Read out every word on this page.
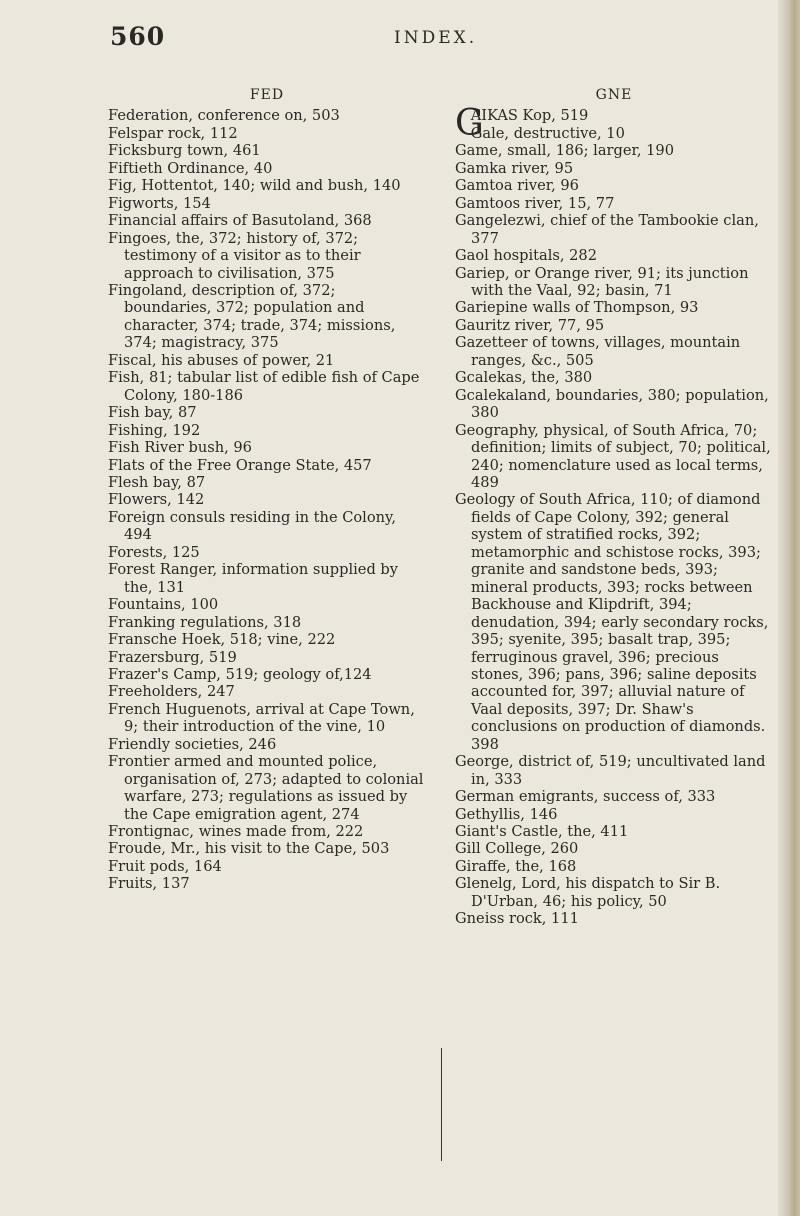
560	INDEX.
FED
Federation, conference on, 503
Felspar rock, 112
Ficksburg town, 461
Fiftieth Ordinance, 40
Fig, Hottentot, 140; wild and bush, 140
Figworts, 154
Financial affairs of Basutoland, 368
Fingoes, the, 372; history of, 372; testimony of a visitor as to their approach to civilisation, 375
Fingoland, description of, 372; boundaries, 372; population and character, 374; trade, 374; missions, 374; magistracy, 375
Fiscal, his abuses of power, 21
Fish, 81; tabular list of edible fish of Cape Colony, 180-186
Fish bay, 87
Fishing, 192
Fish River bush, 96
Flats of the Free Orange State, 457
Flesh bay, 87
Flowers, 142
Foreign consuls residing in the Colony, 494
Forests, 125
Forest Ranger, information supplied by the, 131
Fountains, 100
Franking regulations, 318
Fransche Hoek, 518; vine, 222
Frazersburg, 519
Frazer's Camp, 519; geology of,124
Freeholders, 247
French Huguenots, arrival at Cape Town, 9; their introduction of the vine, 10
Friendly societies, 246
Frontier armed and mounted police, organisation of, 273; adapted to colonial warfare, 273; regulations as issued by the Cape emigration agent, 274
Frontignac, wines made from, 222
Froude, Mr., his visit to the Cape, 503
Fruit pods, 164
Fruits, 137
GNE
G
AIKAS Kop, 519
Gale, destructive, 10
Game, small, 186; larger, 190
Gamka river, 95
Gamtoa river, 96
Gamtoos river, 15, 77
Gangelezwi, chief of the Tambookie clan, 377
Gaol hospitals, 282
Gariep, or Orange river, 91; its junction with the Vaal, 92; basin, 71
Gariepine walls of Thompson, 93
Gauritz river, 77, 95
Gazetteer of towns, villages, mountain ranges, &c., 505
Gcalekas, the, 380
Gcalekaland, boundaries, 380; population, 380
Geography, physical, of South Africa, 70; definition; limits of subject, 70; political, 240; nomenclature used as local terms, 489
Geology of South Africa, 110; of diamond fields of Cape Colony, 392; general system of stratified rocks, 392; metamorphic and schistose rocks, 393; granite and sandstone beds, 393; mineral products, 393; rocks between Backhouse and Klipdrift, 394; denudation, 394; early secondary rocks, 395; syenite, 395; basalt trap, 395; ferruginous gravel, 396; precious stones, 396; pans, 396; saline deposits accounted for, 397; alluvial nature of Vaal deposits, 397; Dr. Shaw's conclusions on production of diamonds. 398
George, district of, 519; uncultivated land in, 333
German emigrants, success of, 333
Gethyllis, 146
Giant's Castle, the, 411
Gill College, 260
Giraffe, the, 168
Glenelg, Lord, his dispatch to Sir B. D'Urban, 46; his policy, 50
Gneiss rock, 111
